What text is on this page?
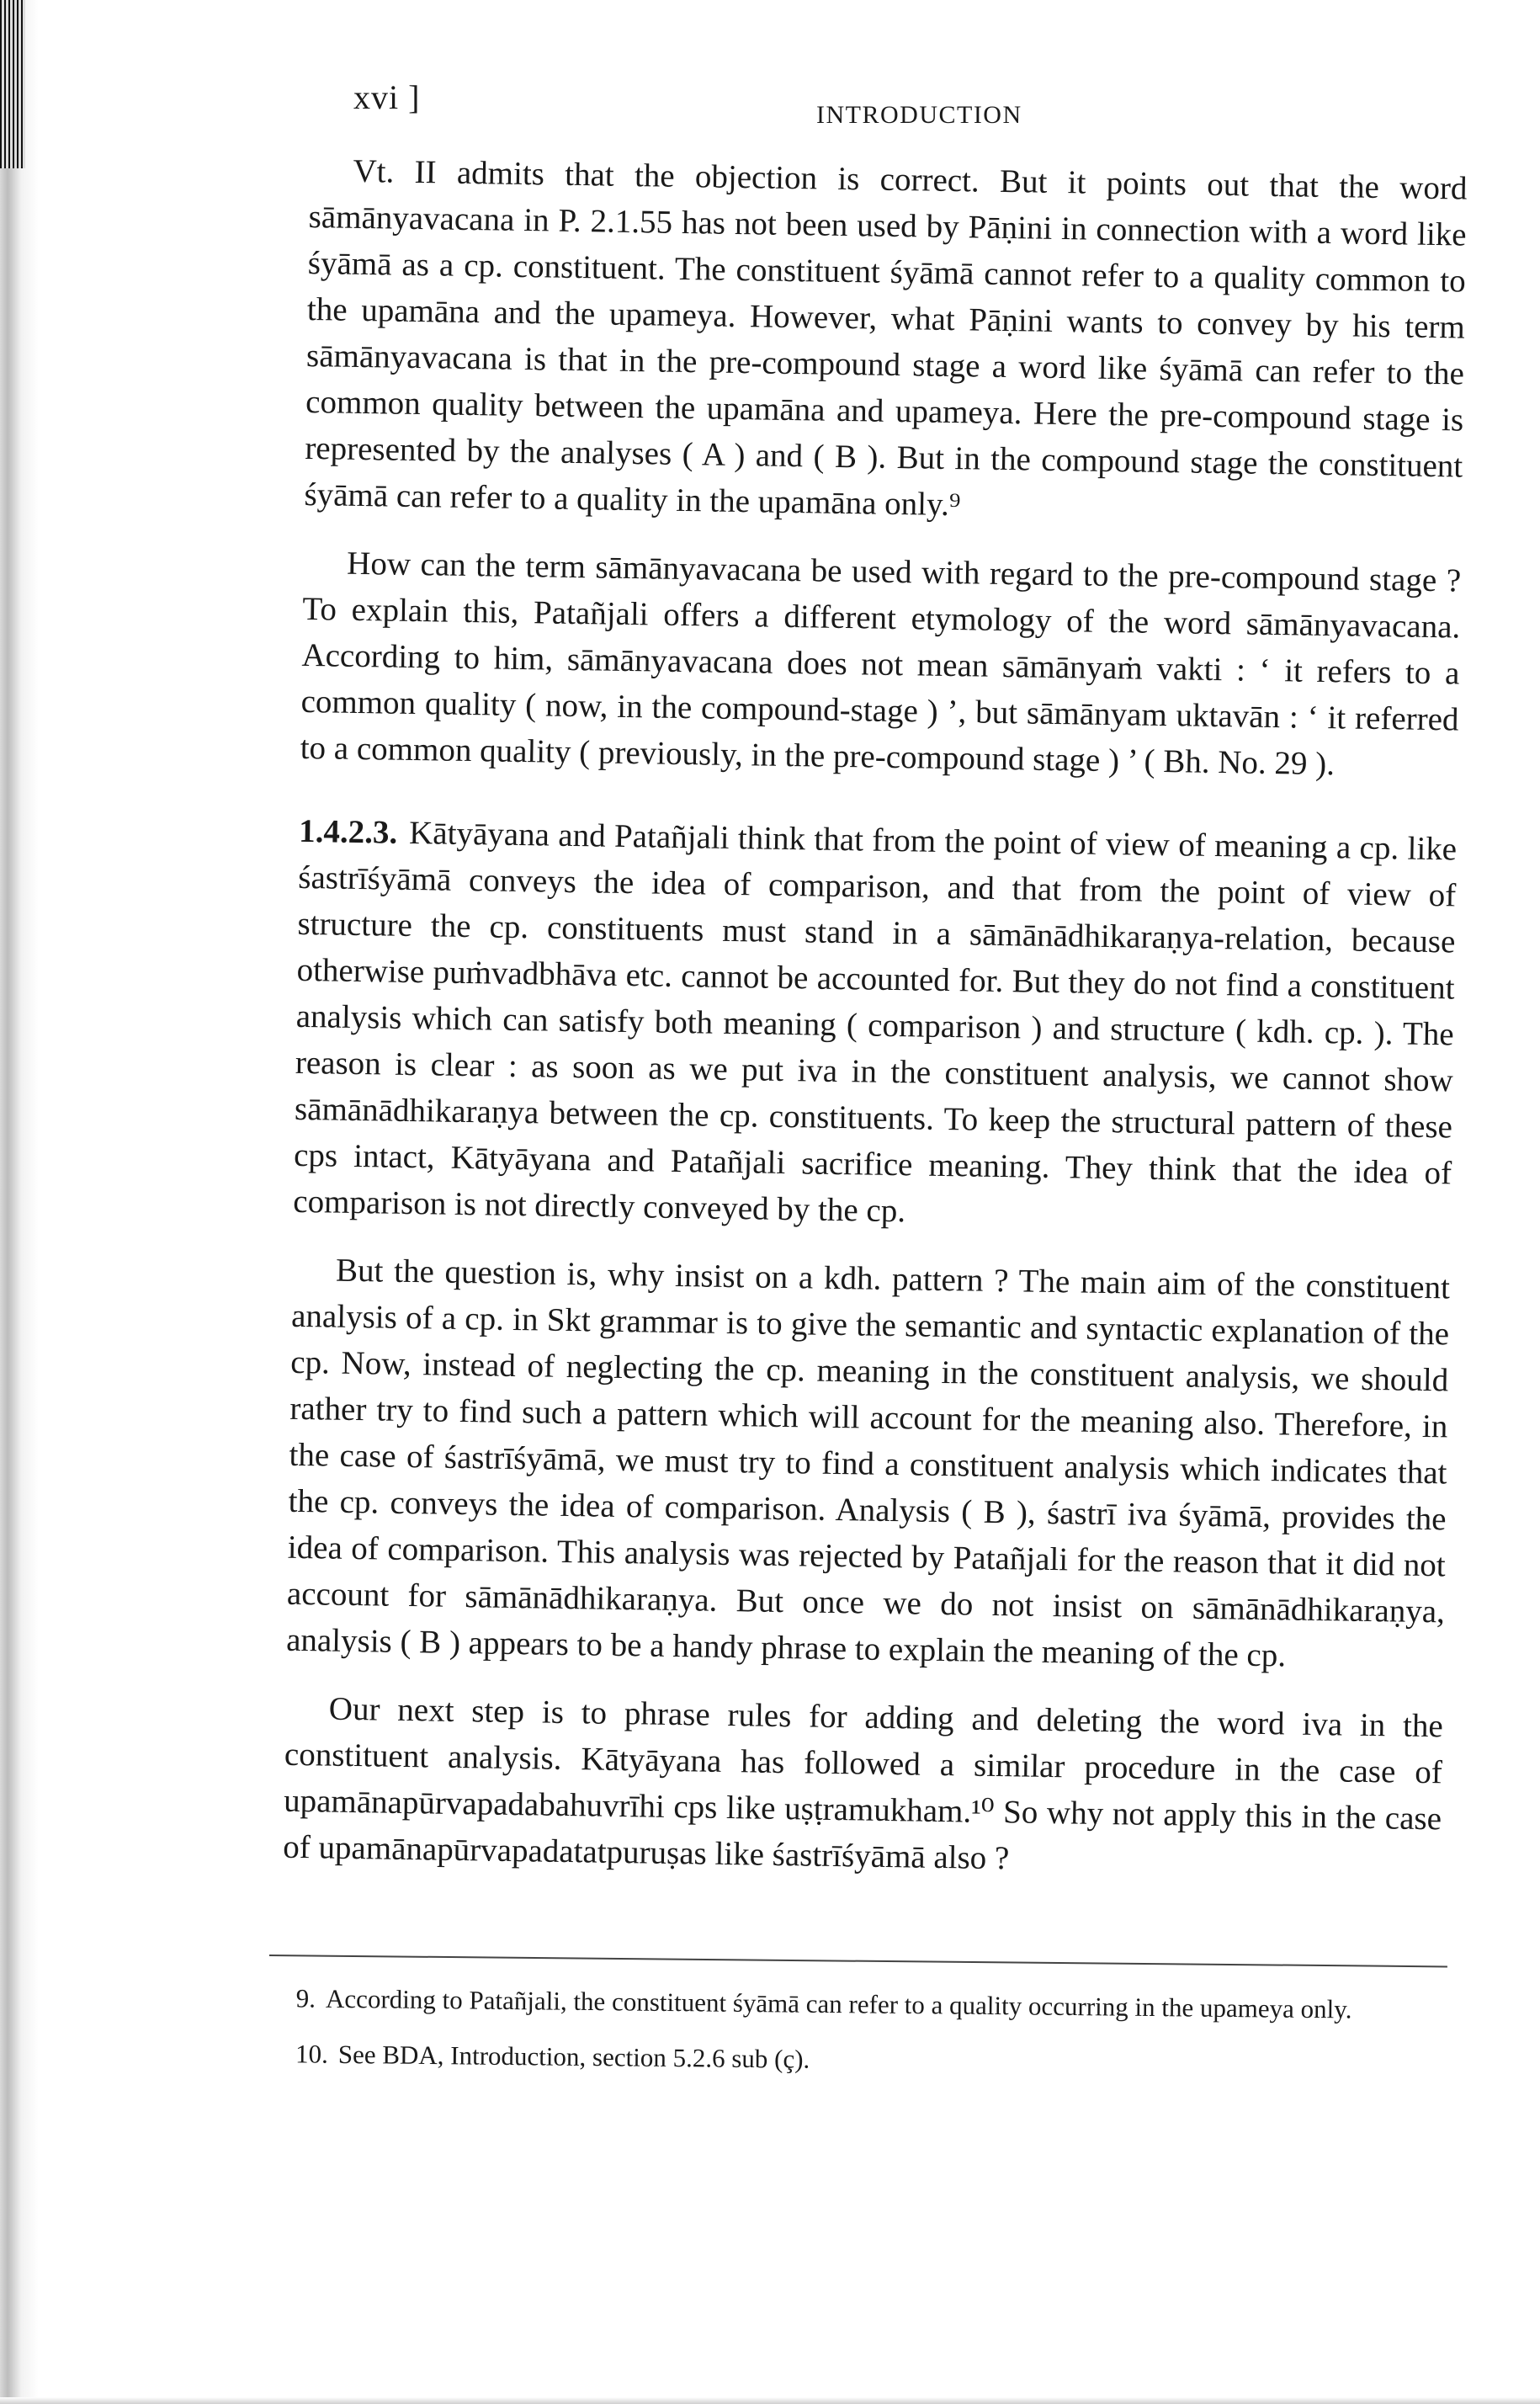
xvi ]	INTRODUCTION

Vt. II admits that the objection is correct. But it points out that the word sāmānyavacana in P. 2.1.55 has not been used by Pāṇini in connection with a word like śyāmā as a cp. constituent. The constituent śyāmā cannot refer to a quality common to the upamāna and the upameya. However, what Pāṇini wants to convey by his term sāmānyavacana is that in the pre-compound stage a word like śyāmā can refer to the common quality between the upamāna and upameya. Here the pre-compound stage is represented by the analyses ( A ) and ( B ). But in the compound stage the constituent śyāmā can refer to a quality in the upamāna only.⁹

How can the term sāmānyavacana be used with regard to the pre-compound stage ? To explain this, Patañjali offers a different etymology of the word sāmānyavacana. According to him, sāmānyavacana does not mean sāmānyaṁ vakti : ‘ it refers to a common quality ( now, in the compound-stage ) ’, but sāmānyam uktavān : ‘ it referred to a common quality ( previously, in the pre-compound stage ) ’ ( Bh. No. 29 ).

1.4.2.3. Kātyāyana and Patañjali think that from the point of view of meaning a cp. like śastrīśyāmā conveys the idea of comparison, and that from the point of view of structure the cp. constituents must stand in a sāmānādhikaraṇya-relation, because otherwise puṁvadbhāva etc. cannot be accounted for. But they do not find a constituent analysis which can satisfy both meaning ( comparison ) and structure ( kdh. cp. ). The reason is clear : as soon as we put iva in the constituent analysis, we cannot show sāmānādhikaraṇya between the cp. constituents. To keep the structural pattern of these cps intact, Kātyāyana and Patañjali sacrifice meaning. They think that the idea of comparison is not directly conveyed by the cp.

But the question is, why insist on a kdh. pattern ? The main aim of the constituent analysis of a cp. in Skt grammar is to give the semantic and syntactic explanation of the cp. Now, instead of neglecting the cp. meaning in the constituent analysis, we should rather try to find such a pattern which will account for the meaning also. Therefore, in the case of śastrīśyāmā, we must try to find a constituent analysis which indicates that the cp. conveys the idea of comparison. Analysis ( B ), śastrī iva śyāmā, provides the idea of comparison. This analysis was rejected by Patañjali for the reason that it did not account for sāmānādhikaraṇya. But once we do not insist on sāmānādhikaraṇya, analysis ( B ) appears to be a handy phrase to explain the meaning of the cp.

Our next step is to phrase rules for adding and deleting the word iva in the constituent analysis. Kātyāyana has followed a similar procedure in the case of upamānapūrvapadabahuvrīhi cps like uṣṭramukham.¹⁰ So why not apply this in the case of upamānapūrvapadatatpuruṣas like śastrīśyāmā also ?

9. According to Patañjali, the constituent śyāmā can refer to a quality occurring in the upameya only.

10. See BDA, Introduction, section 5.2.6 sub (ç).
